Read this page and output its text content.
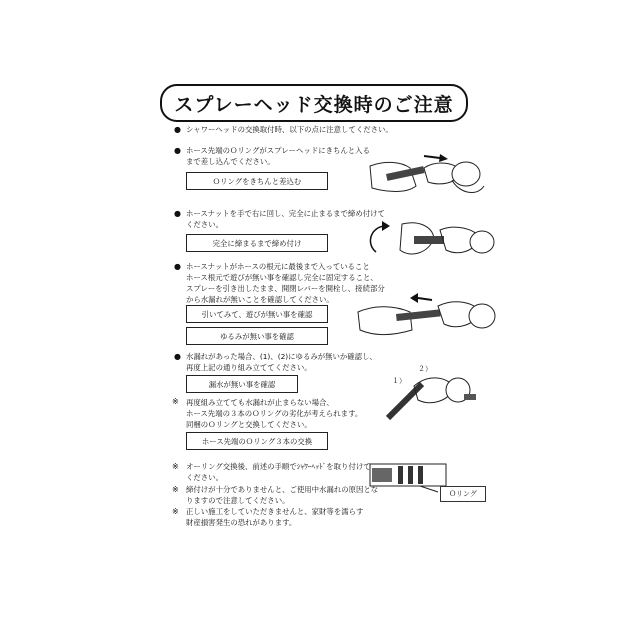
スプレーヘッド交換時のご注意
● シャワーヘッドの交換取付時、以下の点に注意してください。
● ホース先端のＯリングがスプレーヘッドにきちんと入る
まで差し込んでください。
Ｏリングをきちんと差込む
● ホースナットを手で右に回し、完全に止まるまで締め付けて
ください。
完全に締まるまで締め付け
● ホースナットがホースの根元に最後まで入っていること
ホース根元で遊びが無い事を確認し完全に固定すること、
スプレーを引き出したまま、開閉レバーを開栓し、接続部分
から水漏れが無いことを確認してください。
引いてみて、遊びが無い事を確認
ゆるみが無い事を確認
● 水漏れがあった場合、(1)、(2)にゆるみが無いか確認し、
再度上記の通り組み立ててください。
漏水が無い事を確認
※ 再度組み立てても水漏れが止まらない場合、
ホース先端の３本のＯリングの劣化が考えられます。
同梱のＯリングと交換してください。
ホース先端のＯリング３本の交換
※ オーリング交換後、前述の手順でｼｬﾜｰﾍｯﾄﾞを取り付けて
ください。
※ 締付けが十分でありませんと、ご使用中水漏れの原因とな
りますので注意してください。
※ 正しい施工をしていただきませんと、家財等を濡らす
財産損害発生の恐れがあります。
１）
２）
Ｏリング
